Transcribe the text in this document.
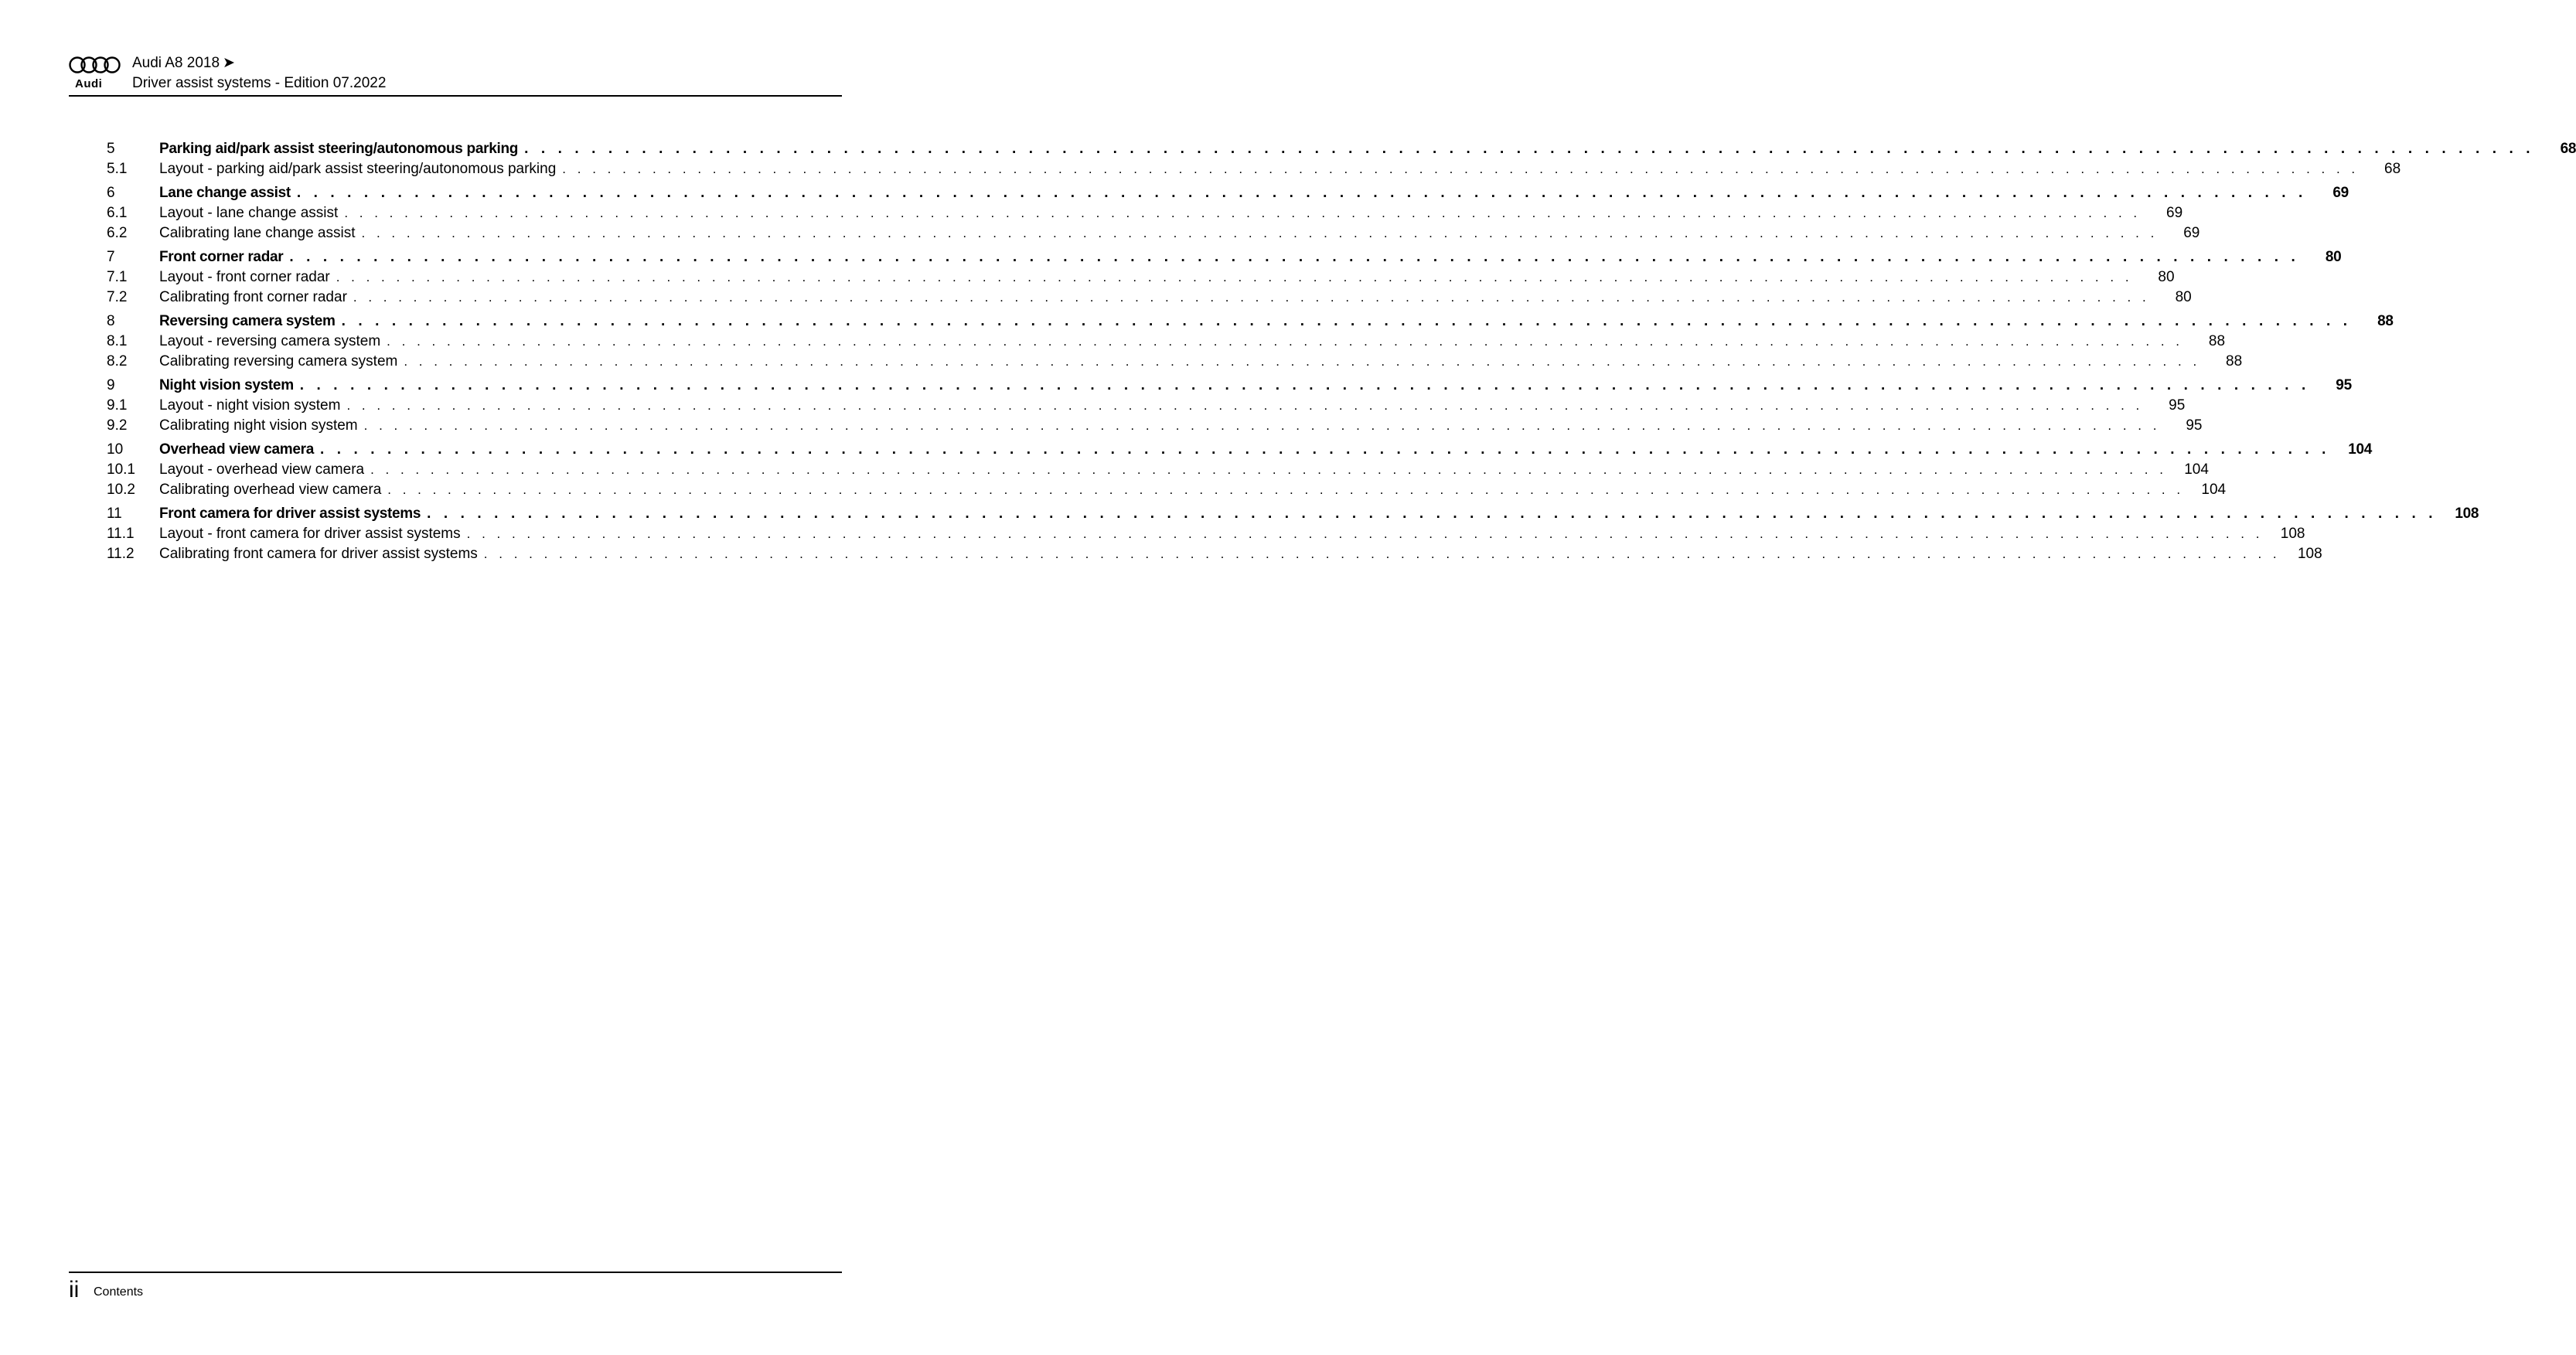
Audi
Audi A8 2018 ➤
Driver assist systems - Edition 07.2022
5	Parking aid/park assist steering/autonomous parking . . . . . . . . . . . . . . . . . . . . . . . . . . . . . . . . . . . . . . . . . . . . . . . . . . . . . . . . . . . . . . . . . . . . . . . . . . . . . . . . . . . . . . . . . . . . . . . . . . . . . . . . . . . . . . . . . . . . . . . .	68
5.1 Layout - parking aid/park assist steering/autonomous parking . . . . . . . . . . . . . . . . . . . . . . . . . . . . . . . . . . . . . . . . . . . . . . . . . . . . . . . . . . . . . . . . . . . . . . . . . . . . . . . . . . . . . . . . . . . . . . . . . . . . . . . . . . . . . . . . . . . . . . . .	68
6	Lane change assist . . . . . . . . . . . . . . . . . . . . . . . . . . . . . . . . . . . . . . . . . . . . . . . . . . . . . . . . . . . . . . . . . . . . . . . . . . . . . . . . . . . . . . . . . . . . . . . . . . . . . . . . . . . . . . . . . . . . . . . .	69
6.1 Layout - lane change assist . . . . . . . . . . . . . . . . . . . . . . . . . . . . . . . . . . . . . . . . . . . . . . . . . . . . . . . . . . . . . . . . . . . . . . . . . . . . . . . . . . . . . . . . . . . . . . . . . . . . . . . . . . . . . . . . . . . . . . . .	69
6.2 Calibrating lane change assist . . . . . . . . . . . . . . . . . . . . . . . . . . . . . . . . . . . . . . . . . . . . . . . . . . . . . . . . . . . . . . . . . . . . . . . . . . . . . . . . . . . . . . . . . . . . . . . . . . . . . . . . . . . . . . . . . . . . . . . .	69
7	Front corner radar . . . . . . . . . . . . . . . . . . . . . . . . . . . . . . . . . . . . . . . . . . . . . . . . . . . . . . . . . . . . . . . . . . . . . . . . . . . . . . . . . . . . . . . . . . . . . . . . . . . . . . . . . . . . . . . . . . . . . . . .	80
7.1 Layout - front corner radar . . . . . . . . . . . . . . . . . . . . . . . . . . . . . . . . . . . . . . . . . . . . . . . . . . . . . . . . . . . . . . . . . . . . . . . . . . . . . . . . . . . . . . . . . . . . . . . . . . . . . . . . . . . . . . . . . . . . . . . .	80
7.2 Calibrating front corner radar . . . . . . . . . . . . . . . . . . . . . . . . . . . . . . . . . . . . . . . . . . . . . . . . . . . . . . . . . . . . . . . . . . . . . . . . . . . . . . . . . . . . . . . . . . . . . . . . . . . . . . . . . . . . . . . . . . . . . . . .	80
8	Reversing camera system . . . . . . . . . . . . . . . . . . . . . . . . . . . . . . . . . . . . . . . . . . . . . . . . . . . . . . . . . . . . . . . . . . . . . . . . . . . . . . . . . . . . . . . . . . . . . . . . . . . . . . . . . . . . . . . . . . . . . . . .	88
8.1 Layout - reversing camera system . . . . . . . . . . . . . . . . . . . . . . . . . . . . . . . . . . . . . . . . . . . . . . . . . . . . . . . . . . . . . . . . . . . . . . . . . . . . . . . . . . . . . . . . . . . . . . . . . . . . . . . . . . . . . . . . . . . . . . . .	88
8.2 Calibrating reversing camera system . . . . . . . . . . . . . . . . . . . . . . . . . . . . . . . . . . . . . . . . . . . . . . . . . . . . . . . . . . . . . . . . . . . . . . . . . . . . . . . . . . . . . . . . . . . . . . . . . . . . . . . . . . . . . . . . . . . . . . . .	88
9	Night vision system . . . . . . . . . . . . . . . . . . . . . . . . . . . . . . . . . . . . . . . . . . . . . . . . . . . . . . . . . . . . . . . . . . . . . . . . . . . . . . . . . . . . . . . . . . . . . . . . . . . . . . . . . . . . . . . . . . . . . . . .	95
9.1 Layout - night vision system . . . . . . . . . . . . . . . . . . . . . . . . . . . . . . . . . . . . . . . . . . . . . . . . . . . . . . . . . . . . . . . . . . . . . . . . . . . . . . . . . . . . . . . . . . . . . . . . . . . . . . . . . . . . . . . . . . . . . . . .	95
9.2 Calibrating night vision system . . . . . . . . . . . . . . . . . . . . . . . . . . . . . . . . . . . . . . . . . . . . . . . . . . . . . . . . . . . . . . . . . . . . . . . . . . . . . . . . . . . . . . . . . . . . . . . . . . . . . . . . . . . . . . . . . . . . . . . .	95
10 Overhead view camera . . . . . . . . . . . . . . . . . . . . . . . . . . . . . . . . . . . . . . . . . . . . . . . . . . . . . . . . . . . . . . . . . . . . . . . . . . . . . . . . . . . . . . . . . . . . . . . . . . . . . . . . . . . . . . . . . . . . . . . .	104
10.1 Layout - overhead view camera . . . . . . . . . . . . . . . . . . . . . . . . . . . . . . . . . . . . . . . . . . . . . . . . . . . . . . . . . . . . . . . . . . . . . . . . . . . . . . . . . . . . . . . . . . . . . . . . . . . . . . . . . . . . . . . . . . . . . . . .	104
10.2 Calibrating overhead view camera . . . . . . . . . . . . . . . . . . . . . . . . . . . . . . . . . . . . . . . . . . . . . . . . . . . . . . . . . . . . . . . . . . . . . . . . . . . . . . . . . . . . . . . . . . . . . . . . . . . . . . . . . . . . . . . . . . . . . . . .	104
11	Front camera for driver assist systems . . . . . . . . . . . . . . . . . . . . . . . . . . . . . . . . . . . . . . . . . . . . . . . . . . . . . . . . . . . . . . . . . . . . . . . . . . . . . . . . . . . . . . . . . . . . . . . . . . . . . . . . . . . . . . . . . . . . . . . .	108
11.1 Layout - front camera for driver assist systems . . . . . . . . . . . . . . . . . . . . . . . . . . . . . . . . . . . . . . . . . . . . . . . . . . . . . . . . . . . . . . . . . . . . . . . . . . . . . . . . . . . . . . . . . . . . . . . . . . . . . . . . . . . . . . . . . . . . . . . .	108
11.2 Calibrating front camera for driver assist systems . . . . . . . . . . . . . . . . . . . . . . . . . . . . . . . . . . . . . . . . . . . . . . . . . . . . . . . . . . . . . . . . . . . . . . . . . . . . . . . . . . . . . . . . . . . . . . . . . . . . . . . . . . . . . . . . . . . . . . . .	108
ii Contents
